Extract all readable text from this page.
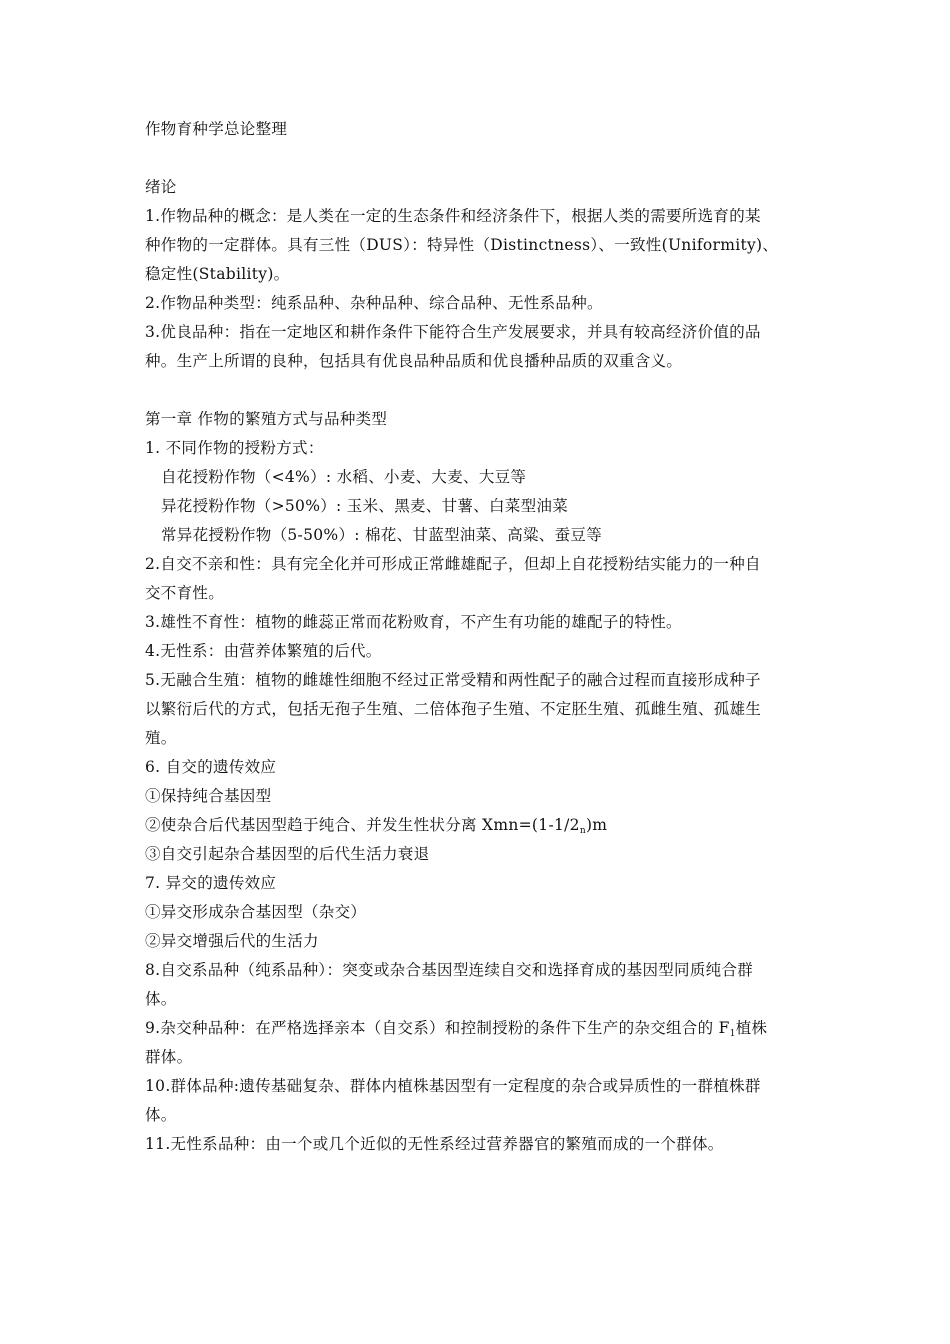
作物育种学总论整理
绪论
1.作物品种的概念：是人类在一定的生态条件和经济条件下，根据人类的需要所选育的某
种作物的一定群体。具有三性（DUS）：特异性（Distinctness）、一致性(Uniformity)、
稳定性(Stability)。
2.作物品种类型：纯系品种、杂种品种、综合品种、无性系品种。
3.优良品种：指在一定地区和耕作条件下能符合生产发展要求，并具有较高经济价值的品
种。生产上所谓的良种，包括具有优良品种品质和优良播种品质的双重含义。
第一章 作物的繁殖方式与品种类型
1. 不同作物的授粉方式：
自花授粉作物（<4%）: 水稻、小麦、大麦、大豆等
异花授粉作物（>50%）: 玉米、黑麦、甘薯、白菜型油菜
常异花授粉作物（5-50%）: 棉花、甘蓝型油菜、高粱、蚕豆等
2.自交不亲和性：具有完全化并可形成正常雌雄配子，但却上自花授粉结实能力的一种自
交不育性。
3.雄性不育性：植物的雌蕊正常而花粉败育，不产生有功能的雄配子的特性。
4.无性系：由营养体繁殖的后代。
5.无融合生殖：植物的雌雄性细胞不经过正常受精和两性配子的融合过程而直接形成种子
以繁衍后代的方式，包括无孢子生殖、二倍体孢子生殖、不定胚生殖、孤雌生殖、孤雄生
殖。
6. 自交的遗传效应
①保持纯合基因型
②使杂合后代基因型趋于纯合、并发生性状分离 $Xmn=(1-1/2_n)m$
③自交引起杂合基因型的后代生活力衰退
7. 异交的遗传效应
①异交形成杂合基因型（杂交）
②异交增强后代的生活力
8.自交系品种（纯系品种）：突变或杂合基因型连续自交和选择育成的基因型同质纯合群
体。
9.杂交种品种：在严格选择亲本（自交系）和控制授粉的条件下生产的杂交组合的 $F_1$植株
群体。
10.群体品种:遗传基础复杂、群体内植株基因型有一定程度的杂合或异质性的一群植株群
体。
11.无性系品种：由一个或几个近似的无性系经过营养器官的繁殖而成的一个群体。
